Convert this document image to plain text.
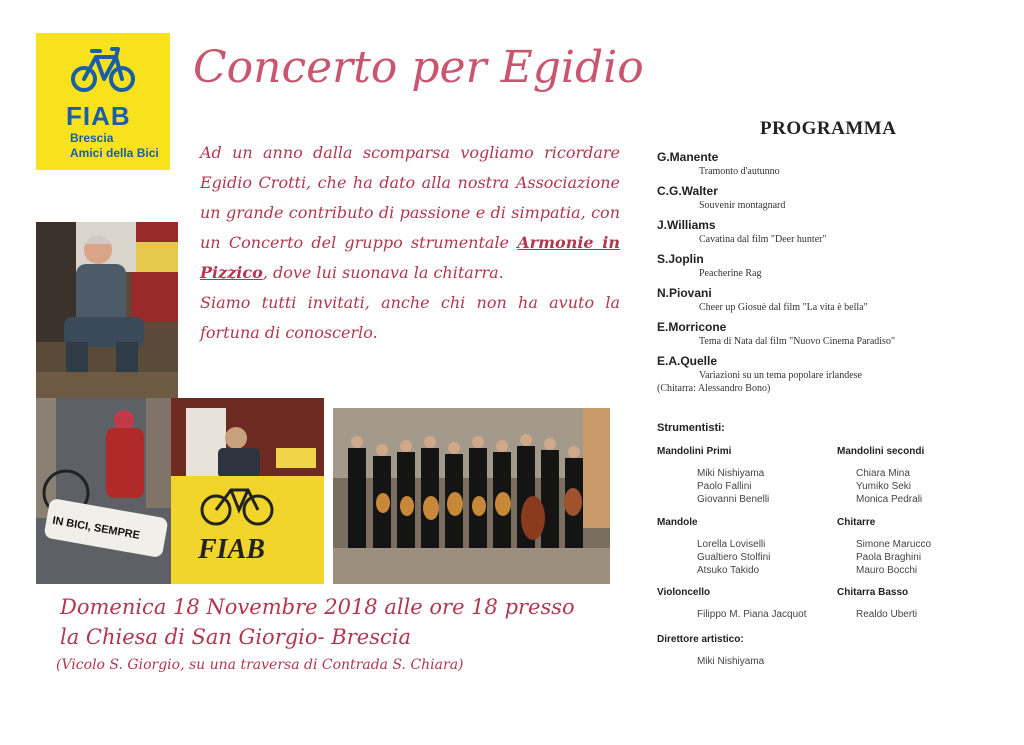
FIAB
Brescia
Amici della Bici
Concerto per Egidio

Ad un anno dalla scomparsa vogliamo ricordare Egidio Crotti, che ha dato alla nostra Associazione un grande contributo di passione e di simpatia, con un Concerto del gruppo strumentale Armonie in Pizzico, dove lui suonava la chitarra.

Siamo tutti invitati, anche chi non ha avuto la fortuna di conoscerlo.

IN BICI, SEMPRE
FIAB
Domenica 18 Novembre 2018 alle ore 18 presso
la Chiesa di San Giorgio- Brescia
(Vicolo S. Giorgio, su una traversa di Contrada S. Chiara)
PROGRAMMA
G.Manente
Tramonto d'autunno
C.G.Walter
Souvenir montagnard
J.Williams
Cavatina dal film "Deer hunter"
S.Joplin
Peacherine Rag
N.Piovani
Cheer up Giosuè dal film "La vita è bella"
E.Morricone
Tema di Nata dal film "Nuovo Cinema Paradiso"
E.A.Quelle
Variazioni su un tema popolare irlandese
(Chitarra: Alessandro Bono)
Strumentisti:
Mandolini Primi
Miki Nishiyama
Paolo Fallini
Giovanni Benelli
Mandolini secondi
Chiara Mina
Yumiko Seki
Monica Pedrali
Mandole
Lorella Loviselli
Gualtiero Stolfini
Atsuko Takido
Chitarre
Simone Marucco
Paola Braghini
Mauro Bocchi
Violoncello
Filippo M. Piana Jacquot
Chitarra Basso
Realdo Uberti
Direttore artistico:
Miki Nishiyama
